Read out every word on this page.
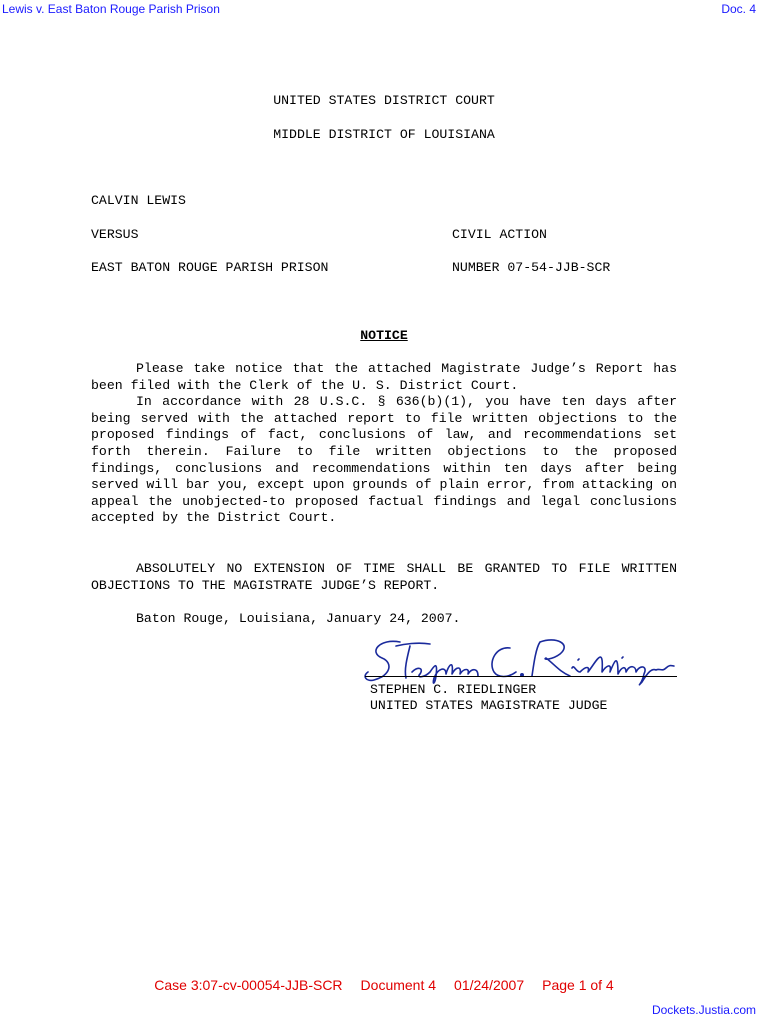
Lewis v. East Baton Rouge Parish Prison	Doc. 4
UNITED STATES DISTRICT COURT
MIDDLE DISTRICT OF LOUISIANA
CALVIN LEWIS
VERSUS	CIVIL ACTION
EAST BATON ROUGE PARISH PRISON	NUMBER 07-54-JJB-SCR
NOTICE

Please take notice that the attached Magistrate Judge’s Report has been filed with the Clerk of the U. S. District Court.

In accordance with 28 U.S.C. § 636(b)(1), you have ten days after being served with the attached report to file written objections to the proposed findings of fact, conclusions of law, and recommendations set forth therein. Failure to file written objections to the proposed findings, conclusions and recommendations within ten days after being served will bar you, except upon grounds of plain error, from attacking on appeal the unobjected-to proposed factual findings and legal conclusions accepted by the District Court.

ABSOLUTELY NO EXTENSION OF TIME SHALL BE GRANTED TO FILE WRITTEN OBJECTIONS TO THE MAGISTRATE JUDGE’S REPORT.

Baton Rouge, Louisiana, January 24, 2007.
STEPHEN C. RIEDLINGER
UNITED STATES MAGISTRATE JUDGE
Case 3:07-cv-00054-JJB-SCR Document 4 01/24/2007 Page 1 of 4
Dockets.Justia.com
